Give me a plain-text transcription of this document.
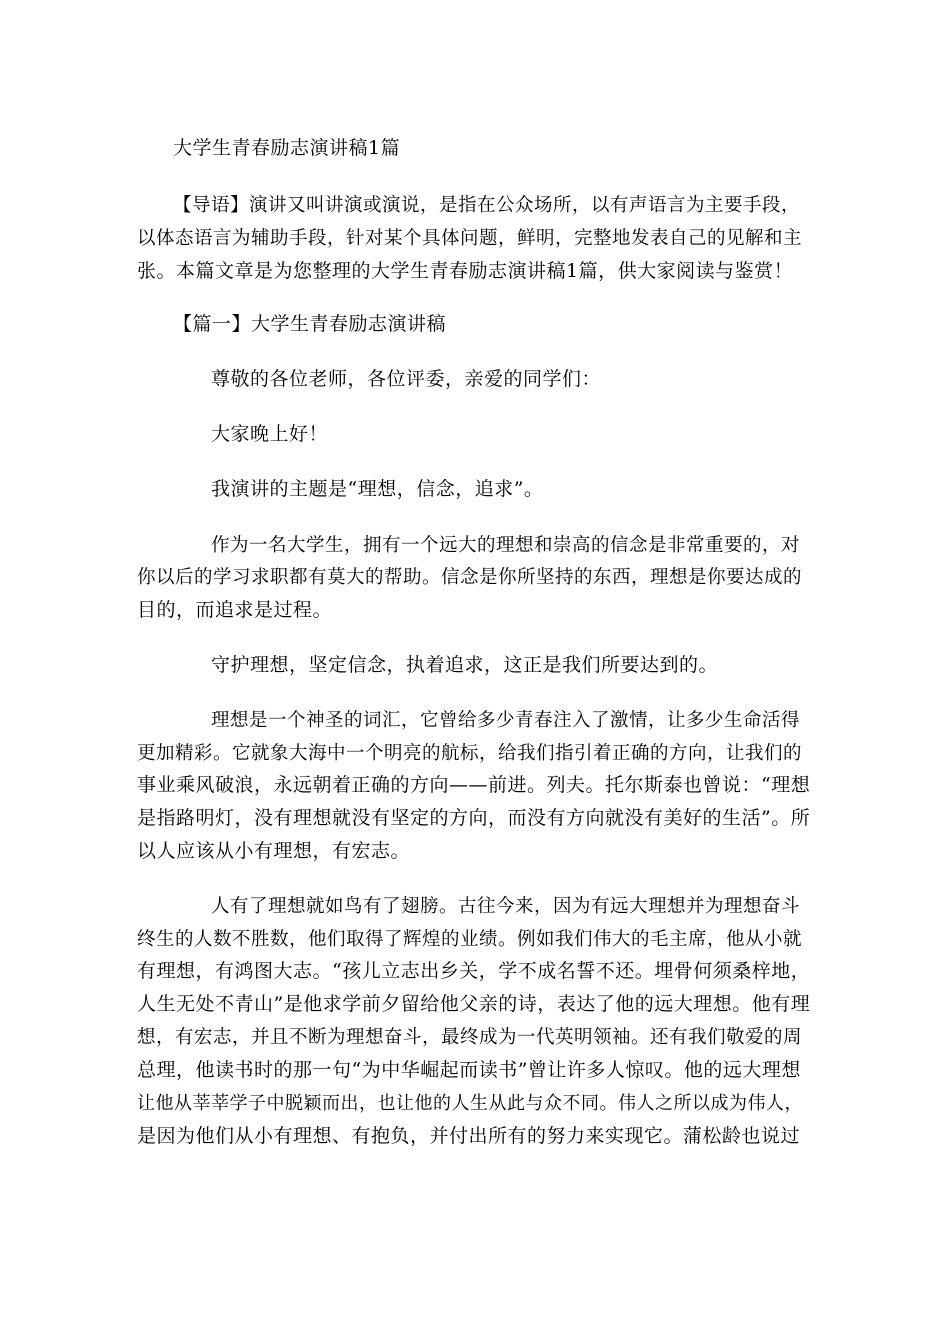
大学生青春励志演讲稿1篇
【导语】演讲又叫讲演或演说，是指在公众场所，以有声语言为主要手段，
以体态语言为辅助手段，针对某个具体问题，鲜明，完整地发表自己的见解和主
张。本篇文章是为您整理的大学生青春励志演讲稿1篇，供大家阅读与鉴赏！
【篇一】大学生青春励志演讲稿
尊敬的各位老师，各位评委，亲爱的同学们：
大家晚上好！
我演讲的主题是“理想，信念，追求”。
作为一名大学生，拥有一个远大的理想和崇高的信念是非常重要的，对
你以后的学习求职都有莫大的帮助。信念是你所坚持的东西，理想是你要达成的
目的，而追求是过程。
守护理想，坚定信念，执着追求，这正是我们所要达到的。
理想是一个神圣的词汇，它曾给多少青春注入了激情，让多少生命活得
更加精彩。它就象大海中一个明亮的航标，给我们指引着正确的方向，让我们的
事业乘风破浪，永远朝着正确的方向——前进。列夫。托尔斯泰也曾说：“理想
是指路明灯，没有理想就没有坚定的方向，而没有方向就没有美好的生活”。所
以人应该从小有理想，有宏志。
人有了理想就如鸟有了翅膀。古往今来，因为有远大理想并为理想奋斗
终生的人数不胜数，他们取得了辉煌的业绩。例如我们伟大的毛主席，他从小就
有理想，有鸿图大志。“孩儿立志出乡关，学不成名誓不还。埋骨何须桑梓地，
人生无处不青山”是他求学前夕留给他父亲的诗，表达了他的远大理想。他有理
想，有宏志，并且不断为理想奋斗，最终成为一代英明领袖。还有我们敬爱的周
总理，他读书时的那一句“为中华崛起而读书”曾让许多人惊叹。他的远大理想
让他从莘莘学子中脱颖而出，也让他的人生从此与众不同。伟人之所以成为伟人，
是因为他们从小有理想、有抱负，并付出所有的努力来实现它。蒲松龄也说过
